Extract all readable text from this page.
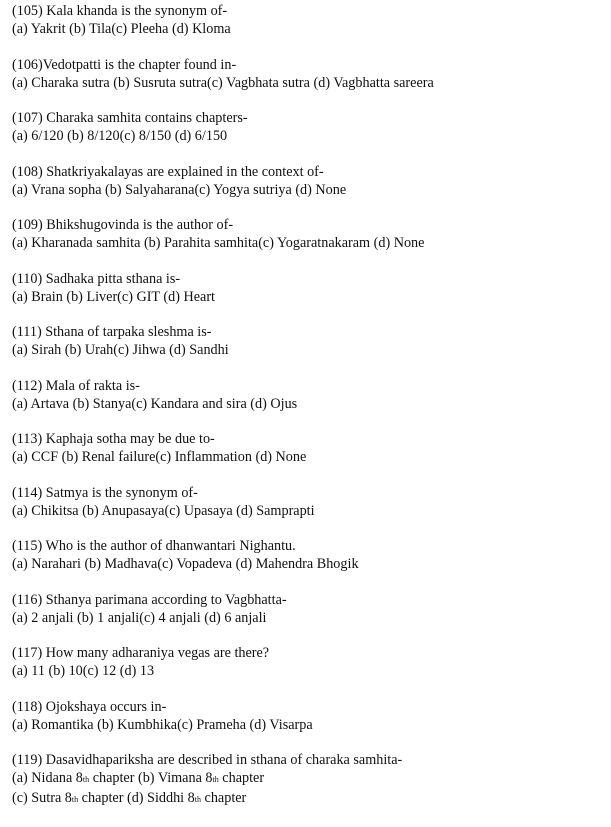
(105) Kala khanda is the synonym of-

(a) Yakrit (b) Tila(c) Pleeha (d) Kloma

(106)Vedotpatti is the chapter found in-

(a) Charaka sutra (b) Susruta sutra(c) Vagbhata sutra (d) Vagbhatta sareera

(107) Charaka samhita contains chapters-

(a) 6/120 (b) 8/120(c) 8/150 (d) 6/150

(108) Shatkriyakalayas are explained in the context of-

(a) Vrana sopha (b) Salyaharana(c) Yogya sutriya (d) None

(109) Bhikshugovinda is the author of-

(a) Kharanada samhita (b) Parahita samhita(c) Yogaratnakaram (d) None

(110) Sadhaka pitta sthana is-

(a) Brain (b) Liver(c) GIT (d) Heart

(111) Sthana of tarpaka sleshma is-

(a) Sirah (b) Urah(c) Jihwa (d) Sandhi

(112) Mala of rakta is-

(a) Artava (b) Stanya(c) Kandara and sira (d) Ojus

(113) Kaphaja sotha may be due to-

(a) CCF (b) Renal failure(c) Inflammation (d) None

(114) Satmya is the synonym of-

(a) Chikitsa (b) Anupasaya(c) Upasaya (d) Samprapti

(115) Who is the author of dhanwantari Nighantu.

(a) Narahari (b) Madhava(c) Vopadeva (d) Mahendra Bhogik

(116) Sthanya parimana according to Vagbhatta-

(a) 2 anjali (b) 1 anjali(c) 4 anjali (d) 6 anjali

(117) How many adharaniya vegas are there?

(a) 11 (b) 10(c) 12 (d) 13

(118) Ojokshaya occurs in-

(a) Romantika (b) Kumbhika(c) Prameha (d) Visarpa

(119) Dasavidhapariksha are described in sthana of charaka samhita-

(a) Nidana 8th chapter (b) Vimana 8th chapter

(c) Sutra 8th chapter (d) Siddhi 8th chapter
